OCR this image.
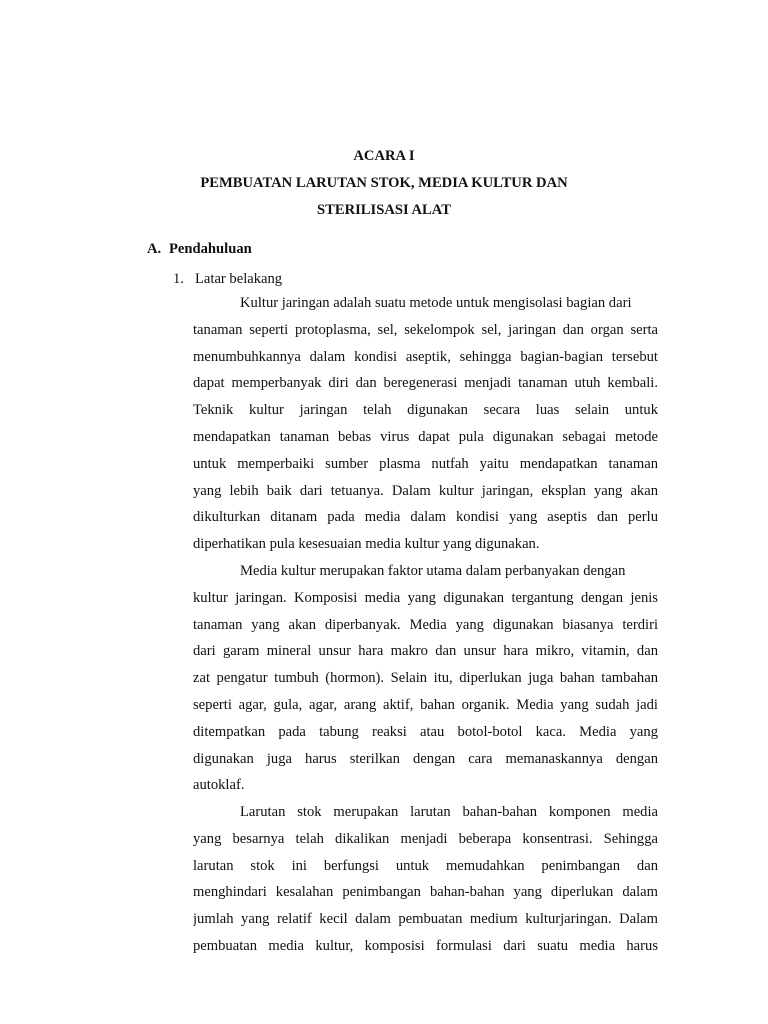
ACARA I
PEMBUATAN LARUTAN STOK, MEDIA KULTUR DAN
STERILISASI ALAT
A. Pendahuluan
1. Latar belakang
Kultur jaringan adalah suatu metode untuk mengisolasi bagian dari
tanaman seperti protoplasma, sel, sekelompok sel, jaringan dan organ serta
menumbuhkannya dalam kondisi aseptik, sehingga bagian-bagian tersebut
dapat memperbanyak diri dan beregenerasi menjadi tanaman utuh kembali.
Teknik kultur jaringan telah digunakan secara luas selain untuk
mendapatkan tanaman bebas virus dapat pula digunakan sebagai metode
untuk memperbaiki sumber plasma nutfah yaitu mendapatkan tanaman
yang lebih baik dari tetuanya. Dalam kultur jaringan, eksplan yang akan
dikulturkan ditanam pada media dalam kondisi yang aseptis dan perlu
diperhatikan pula kesesuaian media kultur yang digunakan.
Media kultur merupakan faktor utama dalam perbanyakan dengan
kultur jaringan. Komposisi media yang digunakan tergantung dengan jenis
tanaman yang akan diperbanyak. Media yang digunakan biasanya terdiri
dari garam mineral unsur hara makro dan unsur hara mikro, vitamin, dan
zat pengatur tumbuh (hormon). Selain itu, diperlukan juga bahan tambahan
seperti agar, gula, agar, arang aktif, bahan organik. Media yang sudah jadi
ditempatkan pada tabung reaksi atau botol-botol kaca. Media yang
digunakan juga harus sterilkan dengan cara memanaskannya dengan
autoklaf.
Larutan stok merupakan larutan bahan-bahan komponen media
yang besarnya telah dikalikan menjadi beberapa konsentrasi. Sehingga
larutan stok ini berfungsi untuk memudahkan penimbangan dan
menghindari kesalahan penimbangan bahan-bahan yang diperlukan dalam
jumlah yang relatif kecil dalam pembuatan medium kulturjaringan. Dalam
pembuatan media kultur, komposisi formulasi dari suatu media harus
